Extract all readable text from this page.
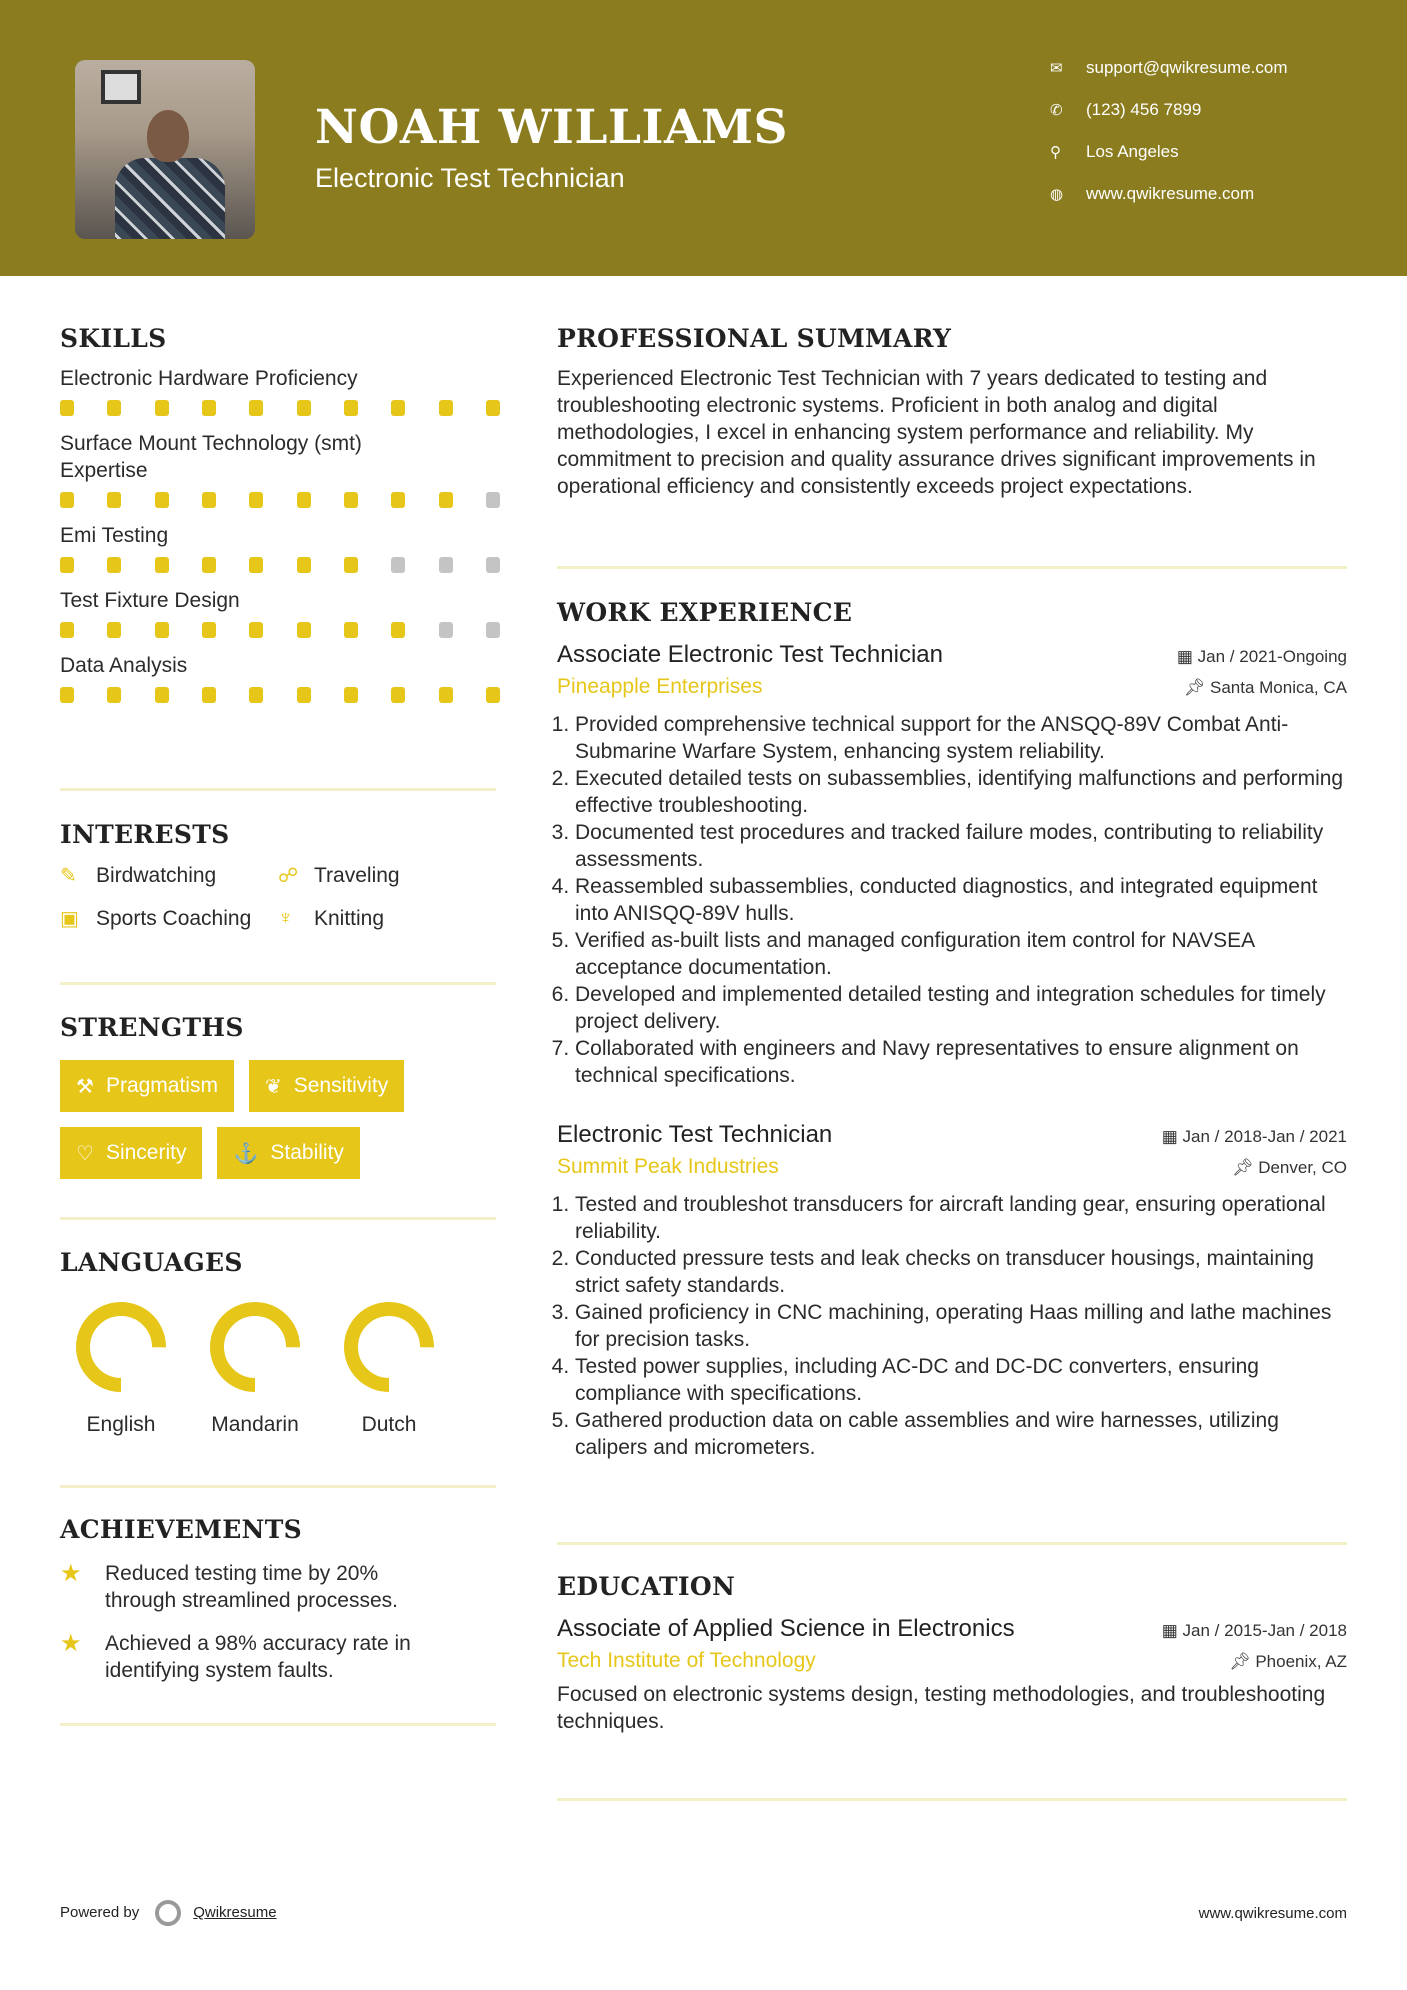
NOAH WILLIAMS
Electronic Test Technician
✉	support@qwikresume.com
✆	(123) 456 7899
⚲	Los Angeles
◍	www.qwikresume.com
SKILLS
Electronic Hardware Proficiency
Surface Mount Technology (smt) Expertise
Emi Testing
Test Fixture Design
Data Analysis
INTERESTS
✎ Birdwatching	☍ Traveling
▣ Sports Coaching ♆	Knitting
STRENGTHS
⚒ Pragmatism ❦ Sensitivity
♡ Sincerity ⚓ Stability
LANGUAGES
English	Mandarin	Dutch
ACHIEVEMENTS
★	Reduced testing time by 20% through streamlined processes.
★	Achieved a 98% accuracy rate in identifying system faults.
PROFESSIONAL SUMMARY
Experienced Electronic Test Technician with 7 years dedicated to testing and troubleshooting electronic systems. Proficient in both analog and digital methodologies, I excel in enhancing system performance and reliability. My commitment to precision and quality assurance drives significant improvements in operational efficiency and consistently exceeds project expectations.
WORK EXPERIENCE
Associate Electronic Test Technician	▦ Jan / 2021-Ongoing
Pineapple Enterprises	📌︎ Santa Monica, CA
1. Provided comprehensive technical support for the ANSQQ-89V Combat Anti-Submarine Warfare System, enhancing system reliability.
2. Executed detailed tests on subassemblies, identifying malfunctions and performing effective troubleshooting.
3. Documented test procedures and tracked failure modes, contributing to reliability assessments.
4. Reassembled subassemblies, conducted diagnostics, and integrated equipment into ANISQQ-89V hulls.
5. Verified as-built lists and managed configuration item control for NAVSEA acceptance documentation.
6. Developed and implemented detailed testing and integration schedules for timely project delivery.
7. Collaborated with engineers and Navy representatives to ensure alignment on technical specifications.
Electronic Test Technician	▦ Jan / 2018-Jan / 2021
Summit Peak Industries	📌︎ Denver, CO
1. Tested and troubleshot transducers for aircraft landing gear, ensuring operational reliability.
2. Conducted pressure tests and leak checks on transducer housings, maintaining strict safety standards.
3. Gained proficiency in CNC machining, operating Haas milling and lathe machines for precision tasks.
4. Tested power supplies, including AC-DC and DC-DC converters, ensuring compliance with specifications.
5. Gathered production data on cable assemblies and wire harnesses, utilizing calipers and micrometers.
EDUCATION
Associate of Applied Science in Electronics	▦ Jan / 2015-Jan / 2018
Tech Institute of Technology	📌︎ Phoenix, AZ
Focused on electronic systems design, testing methodologies, and troubleshooting techniques.
Powered by	Qwikresume	www.qwikresume.com
